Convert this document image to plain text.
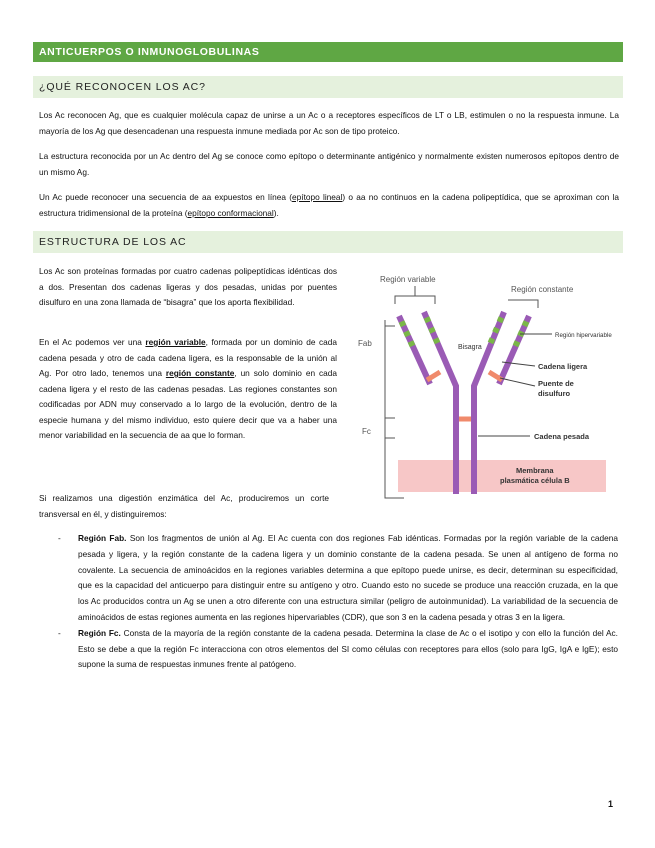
ANTICUERPOS O INMUNOGLOBULINAS
¿QUÉ RECONOCEN LOS AC?
Los Ac reconocen Ag, que es cualquier molécula capaz de unirse a un Ac o a receptores específicos de LT o LB, estimulen o no la respuesta inmune. La mayoría de los Ag que desencadenan una respuesta inmune mediada por Ac son de tipo proteico.
La estructura reconocida por un Ac dentro del Ag se conoce como epítopo o determinante antigénico y normalmente existen numerosos epítopos dentro de un mismo Ag.
Un Ac puede reconocer una secuencia de aa expuestos en línea (epítopo lineal) o aa no continuos en la cadena polipeptídica, que se aproximan con la estructura tridimensional de la proteína (epítopo conformacional).
ESTRUCTURA DE LOS AC
Los Ac son proteínas formadas por cuatro cadenas polipeptídicas idénticas dos a dos. Presentan dos cadenas ligeras y dos pesadas, unidas por puentes disulfuro en una zona llamada de “bisagra” que los aporta flexibilidad.
En el Ac podemos ver una región variable, formada por un dominio de cada cadena pesada y otro de cada cadena ligera, es la responsable de la unión al Ag. Por otro lado, tenemos una región constante, un solo dominio en cada cadena ligera y el resto de las cadenas pesadas. Las regiones constantes son codificadas por ADN muy conservado a lo largo de la evolución, dentro de la especie humana y del mismo individuo, esto quiere decir que va a haber una menor variabilidad en la secuencia de aa que lo forman.
Fab
Fc
Región variable
Región constante
Membrana
plasmática célula B
Región hipervariable
Bisagra
Cadena ligera
Puente de
disulfuro
Cadena pesada
Si realizamos una digestión enzimática del Ac, produciremos un corte transversal en él, y distinguiremos:
- Región Fab. Son los fragmentos de unión al Ag. El Ac cuenta con dos regiones Fab idénticas. Formadas por la región variable de la cadena pesada y ligera, y la región constante de la cadena ligera y un dominio constante de la cadena pesada. Se unen al antígeno de forma no covalente. La secuencia de aminoácidos en la regiones variables determina a que epítopo puede unirse, es decir, determinan su especificidad, que es la capacidad del anticuerpo para distinguir entre su antígeno y otro. Cuando esto no sucede se produce una reacción cruzada, en la que los Ac producidos contra un Ag se unen a otro diferente con una estructura similar (peligro de autoinmunidad). La variabilidad de la secuencia de aminoácidos de estas regiones aumenta en las regiones hipervariables (CDR), que son 3 en la cadena pesada y otras 3 en la ligera.
- Región Fc. Consta de la mayoría de la región constante de la cadena pesada. Determina la clase de Ac o el isotipo y con ello la función del Ac. Esto se debe a que la región Fc interacciona con otros elementos del SI como células con receptores para ellos (solo para IgG, IgA e IgE); esto supone la suma de respuestas inmunes frente al patógeno.
1
